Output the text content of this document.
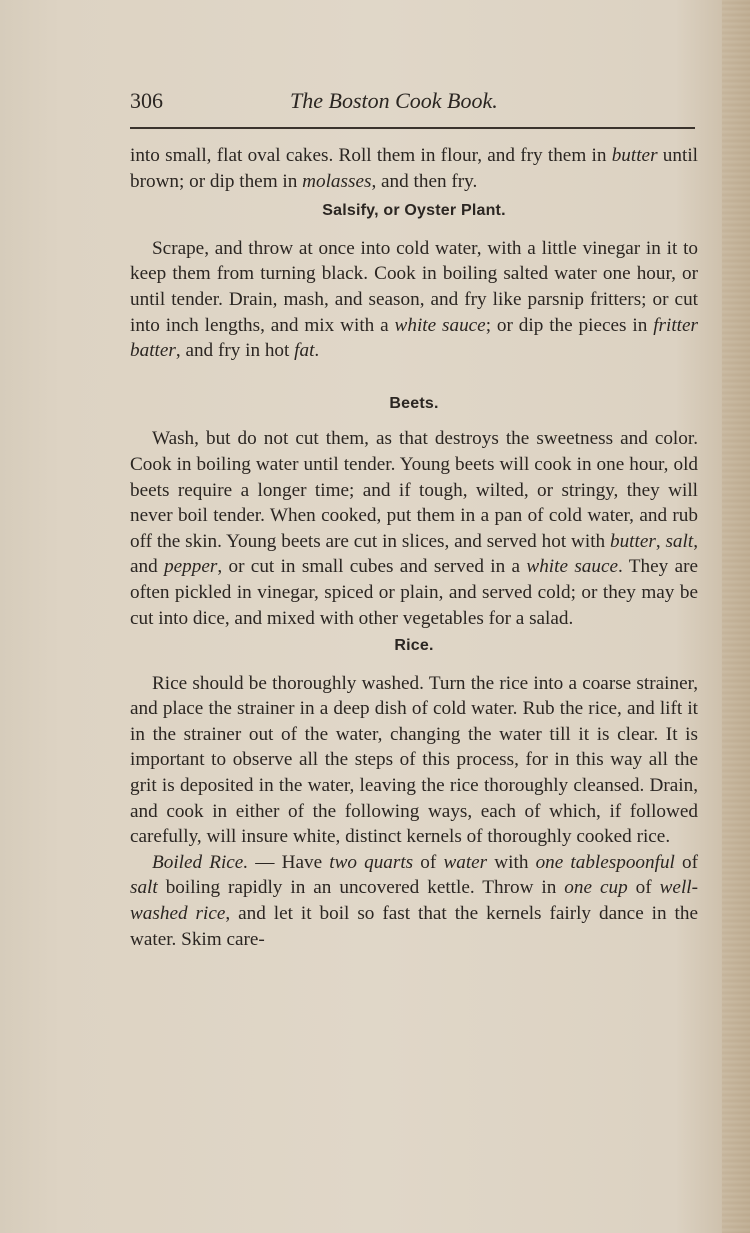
306	The Boston Cook Book.

into small, flat oval cakes. Roll them in flour, and fry them in butter until brown; or dip them in molasses, and then fry.

Salsify, or Oyster Plant.

Scrape, and throw at once into cold water, with a little vinegar in it to keep them from turning black. Cook in boiling salted water one hour, or until tender. Drain, mash, and season, and fry like parsnip fritters; or cut into inch lengths, and mix with a white sauce; or dip the pieces in fritter batter, and fry in hot fat.

Beets.

Wash, but do not cut them, as that destroys the sweetness and color. Cook in boiling water until tender. Young beets will cook in one hour, old beets require a longer time; and if tough, wilted, or stringy, they will never boil tender. When cooked, put them in a pan of cold water, and rub off the skin. Young beets are cut in slices, and served hot with butter, salt, and pepper, or cut in small cubes and served in a white sauce. They are often pickled in vinegar, spiced or plain, and served cold; or they may be cut into dice, and mixed with other vegetables for a salad.

Rice.

Rice should be thoroughly washed. Turn the rice into a coarse strainer, and place the strainer in a deep dish of cold water. Rub the rice, and lift it in the strainer out of the water, changing the water till it is clear. It is important to observe all the steps of this process, for in this way all the grit is deposited in the water, leaving the rice thoroughly cleansed. Drain, and cook in either of the following ways, each of which, if followed carefully, will insure white, distinct kernels of thoroughly cooked rice.

Boiled Rice. — Have two quarts of water with one tablespoonful of salt boiling rapidly in an uncovered kettle. Throw in one cup of well-washed rice, and let it boil so fast that the kernels fairly dance in the water. Skim care-
